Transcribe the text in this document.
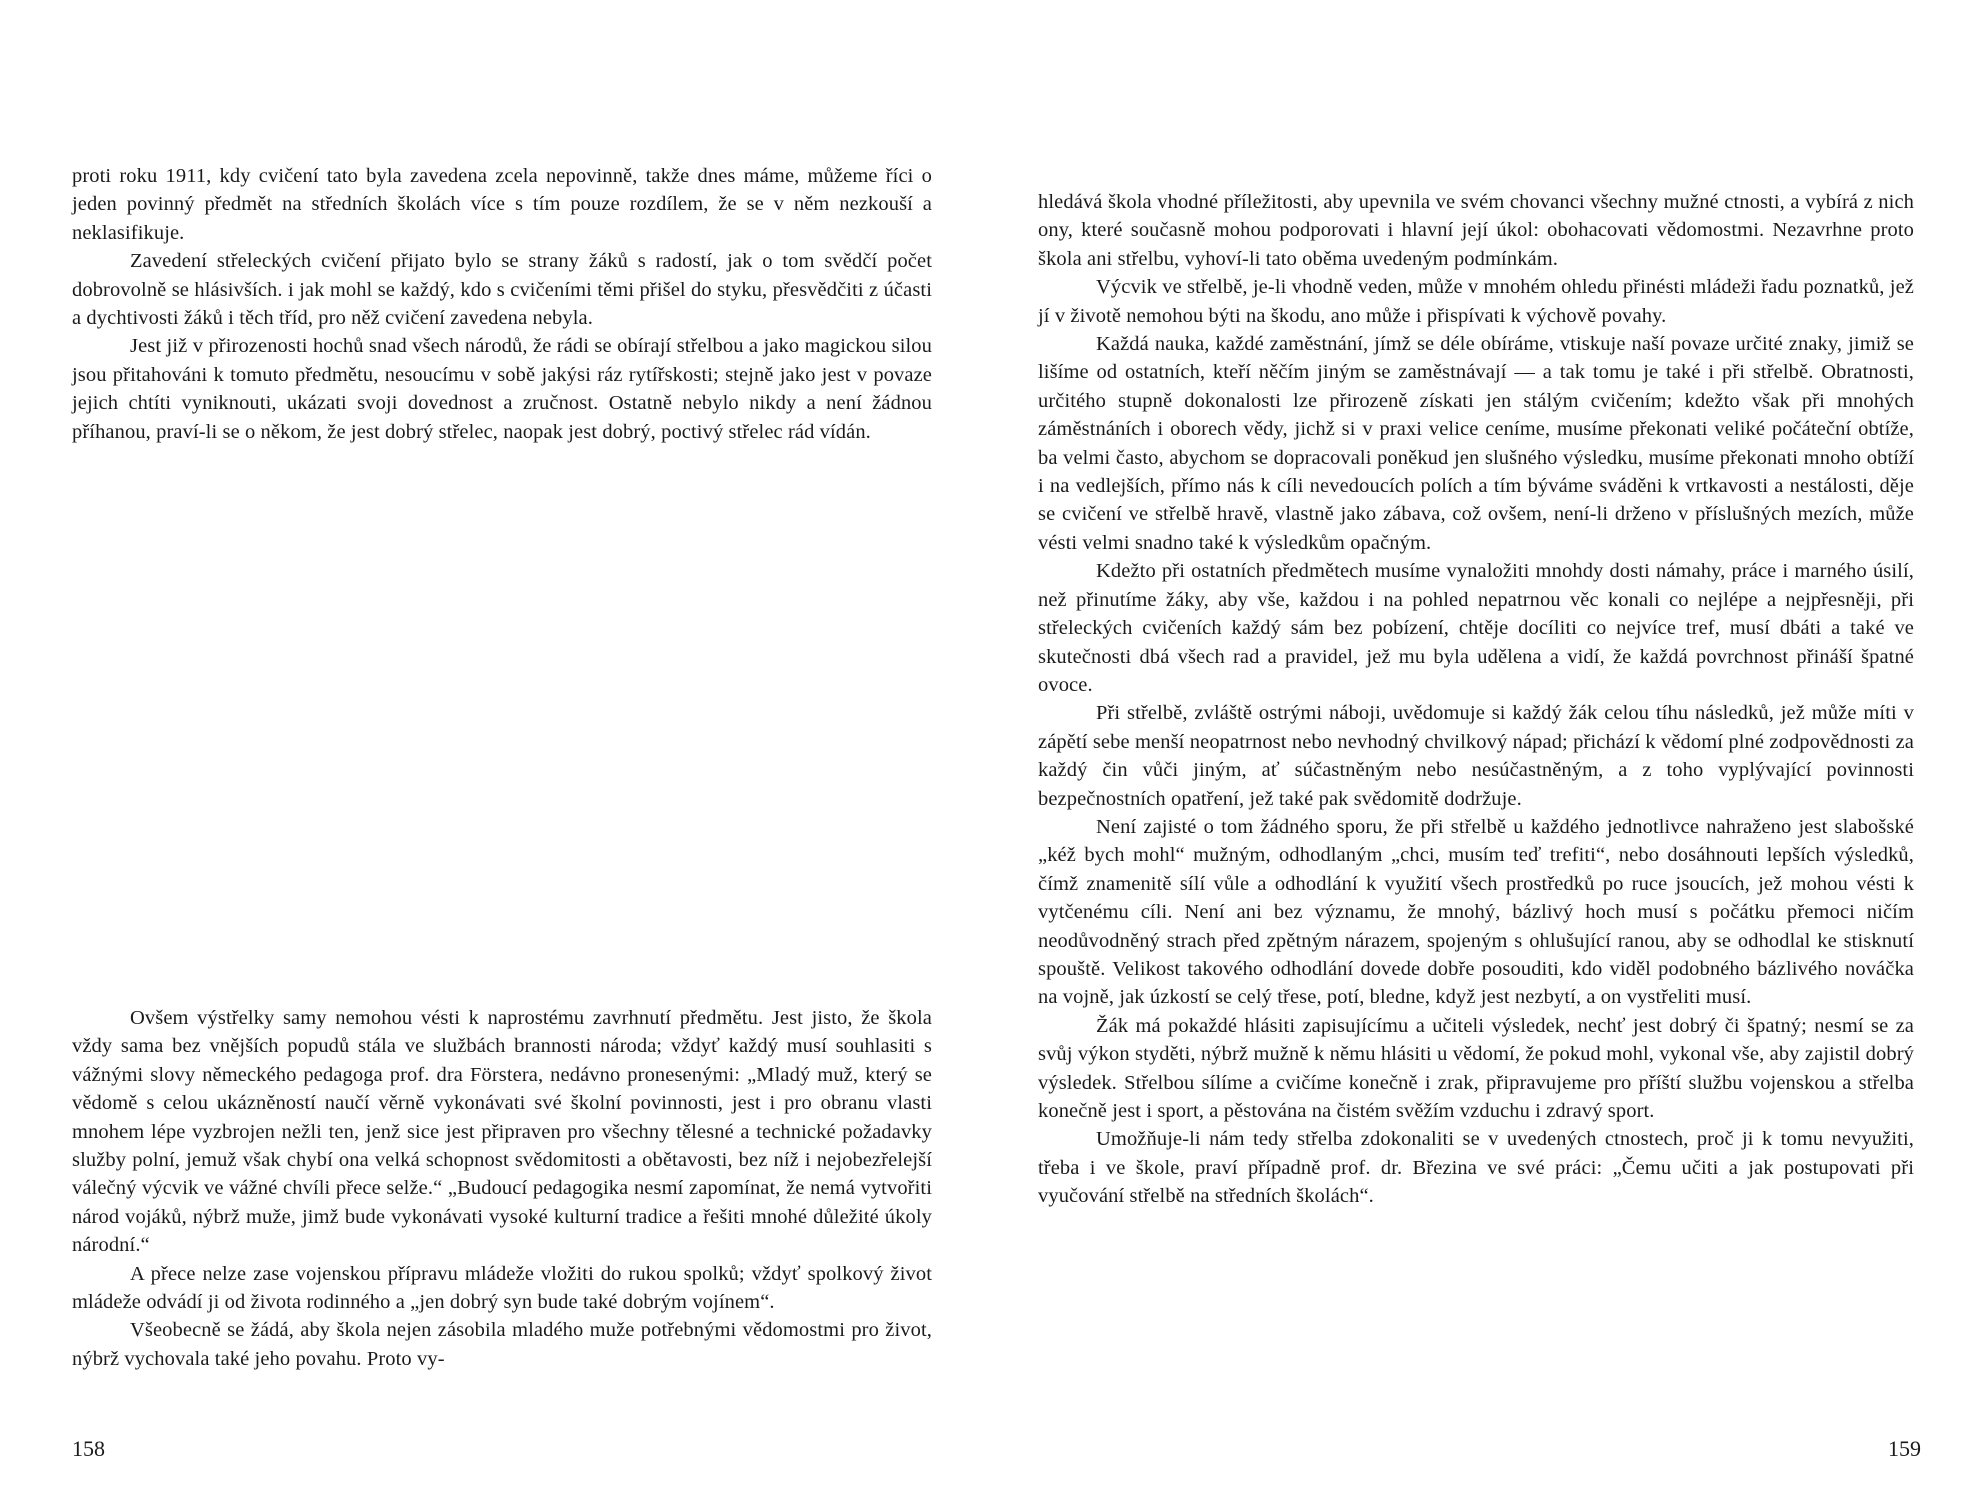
proti roku 1911, kdy cvičení tato byla zavedena zcela nepovinně, takže dnes máme, můžeme říci o jeden povinný předmět na středních školách více s tím pouze rozdílem, že se v něm nezkouší a neklasifikuje.

Zavedení střeleckých cvičení přijato bylo se strany žáků s radostí, jak o tom svědčí počet dobrovolně se hlásivších. i jak mohl se každý, kdo s cvičeními těmi přišel do styku, přesvědčiti z účasti a dychtivosti žáků i těch tříd, pro něž cvičení zavedena nebyla.

Jest již v přirozenosti hochů snad všech národů, že rádi se obírají střelbou a jako magickou silou jsou přitahováni k tomuto předmětu, nesoucímu v sobě jakýsi ráz rytířskosti; stejně jako jest v povaze jejich chtíti vyniknouti, ukázati svoji dovednost a zručnost. Ostatně nebylo nikdy a není žádnou příhanou, praví-li se o někom, že jest dobrý střelec, naopak jest dobrý, poctivý střelec rád vídán.

Ovšem výstřelky samy nemohou vésti k naprostému zavrhnutí předmětu. Jest jisto, že škola vždy sama bez vnějších popudů stála ve službách brannosti národa; vždyť každý musí souhlasiti s vážnými slovy německého pedagoga prof. dra Förstera, nedávno pronesenými: „Mladý muž, který se vědomě s celou ukázněností naučí věrně vykonávati své školní povinnosti, jest i pro obranu vlasti mnohem lépe vyzbrojen nežli ten, jenž sice jest připraven pro všechny tělesné a technické požadavky služby polní, jemuž však chybí ona velká schopnost svědomitosti a obětavosti, bez níž i nejobezřelejší válečný výcvik ve vážné chvíli přece selže.“ „Budoucí pedagogika nesmí zapomínat, že nemá vytvořiti národ vojáků, nýbrž muže, jimž bude vykonávati vysoké kulturní tradice a řešiti mnohé důležité úkoly národní.“

A přece nelze zase vojenskou přípravu mládeže vložiti do rukou spolků; vždyť spolkový život mládeže odvádí ji od života rodinného a „jen dobrý syn bude také dobrým vojínem“.

Všeobecně se žádá, aby škola nejen zásobila mladého muže potřebnými vědomostmi pro život, nýbrž vychovala také jeho povahu. Proto vy-

158

hledává škola vhodné příležitosti, aby upevnila ve svém chovanci všechny mužné ctnosti, a vybírá z nich ony, které současně mohou podporovati i hlavní její úkol: obohacovati vědomostmi. Nezavrhne proto škola ani střelbu, vyhoví-li tato oběma uvedeným podmínkám.

Výcvik ve střelbě, je-li vhodně veden, může v mnohém ohledu přinésti mládeži řadu poznatků, jež jí v životě nemohou býti na škodu, ano může i přispívati k výchově povahy.

Každá nauka, každé zaměstnání, jímž se déle obíráme, vtiskuje naší povaze určité znaky, jimiž se lišíme od ostatních, kteří něčím jiným se zaměstnávají — a tak tomu je také i při střelbě. Obratnosti, určitého stupně dokonalosti lze přirozeně získati jen stálým cvičením; kdežto však při mnohých záměstnáních i oborech vědy, jichž si v praxi velice ceníme, musíme překonati veliké počáteční obtíže, ba velmi často, abychom se dopracovali poněkud jen slušného výsledku, musíme překonati mnoho obtíží i na vedlejších, přímo nás k cíli nevedoucích polích a tím býváme sváděni k vrtkavosti a nestálosti, děje se cvičení ve střelbě hravě, vlastně jako zábava, což ovšem, není-li drženo v příslušných mezích, může vésti velmi snadno také k výsledkům opačným.

Kdežto při ostatních předmětech musíme vynaložiti mnohdy dosti námahy, práce i marného úsilí, než přinutíme žáky, aby vše, každou i na pohled nepatrnou věc konali co nejlépe a nejpřesněji, při střeleckých cvičeních každý sám bez pobízení, chtěje docíliti co nejvíce tref, musí dbáti a také ve skutečnosti dbá všech rad a pravidel, jež mu byla udělena a vidí, že každá povrchnost přináší špatné ovoce.

Při střelbě, zvláště ostrými náboji, uvědomuje si každý žák celou tíhu následků, jež může míti v zápětí sebe menší neopatrnost nebo nevhodný chvilkový nápad; přichází k vědomí plné zodpovědnosti za každý čin vůči jiným, ať súčastněným nebo nesúčastněným, a z toho vyplývající povinnosti bezpečnostních opatření, jež také pak svědomitě dodržuje.

Není zajisté o tom žádného sporu, že při střelbě u každého jednotlivce nahraženo jest slabošské „kéž bych mohl“ mužným, odhodlaným „chci, musím teď trefiti“, nebo dosáhnouti lepších výsledků, čímž znamenitě sílí vůle a odhodlání k využití všech prostředků po ruce jsoucích, jež mohou vésti k vytčenému cíli. Není ani bez významu, že mnohý, bázlivý hoch musí s počátku přemoci ničím neodůvodněný strach před zpětným nárazem, spojeným s ohlušující ranou, aby se odhodlal ke stisknutí spouště. Velikost takového odhodlání dovede dobře posouditi, kdo viděl podobného bázlivého nováčka na vojně, jak úzkostí se celý třese, potí, bledne, když jest nezbytí, a on vystřeliti musí.

Žák má pokaždé hlásiti zapisujícímu a učiteli výsledek, nechť jest dobrý či špatný; nesmí se za svůj výkon styděti, nýbrž mužně k němu hlásiti u vědomí, že pokud mohl, vykonal vše, aby zajistil dobrý výsledek. Střelbou sílíme a cvičíme konečně i zrak, připravujeme pro příští službu vojenskou a střelba konečně jest i sport, a pěstována na čistém svěžím vzduchu i zdravý sport.

Umožňuje-li nám tedy střelba zdokonaliti se v uvedených ctnostech, proč ji k tomu nevyužiti, třeba i ve škole, praví případně prof. dr. Březina ve své práci: „Čemu učiti a jak postupovati při vyučování střelbě na středních školách“.

159
